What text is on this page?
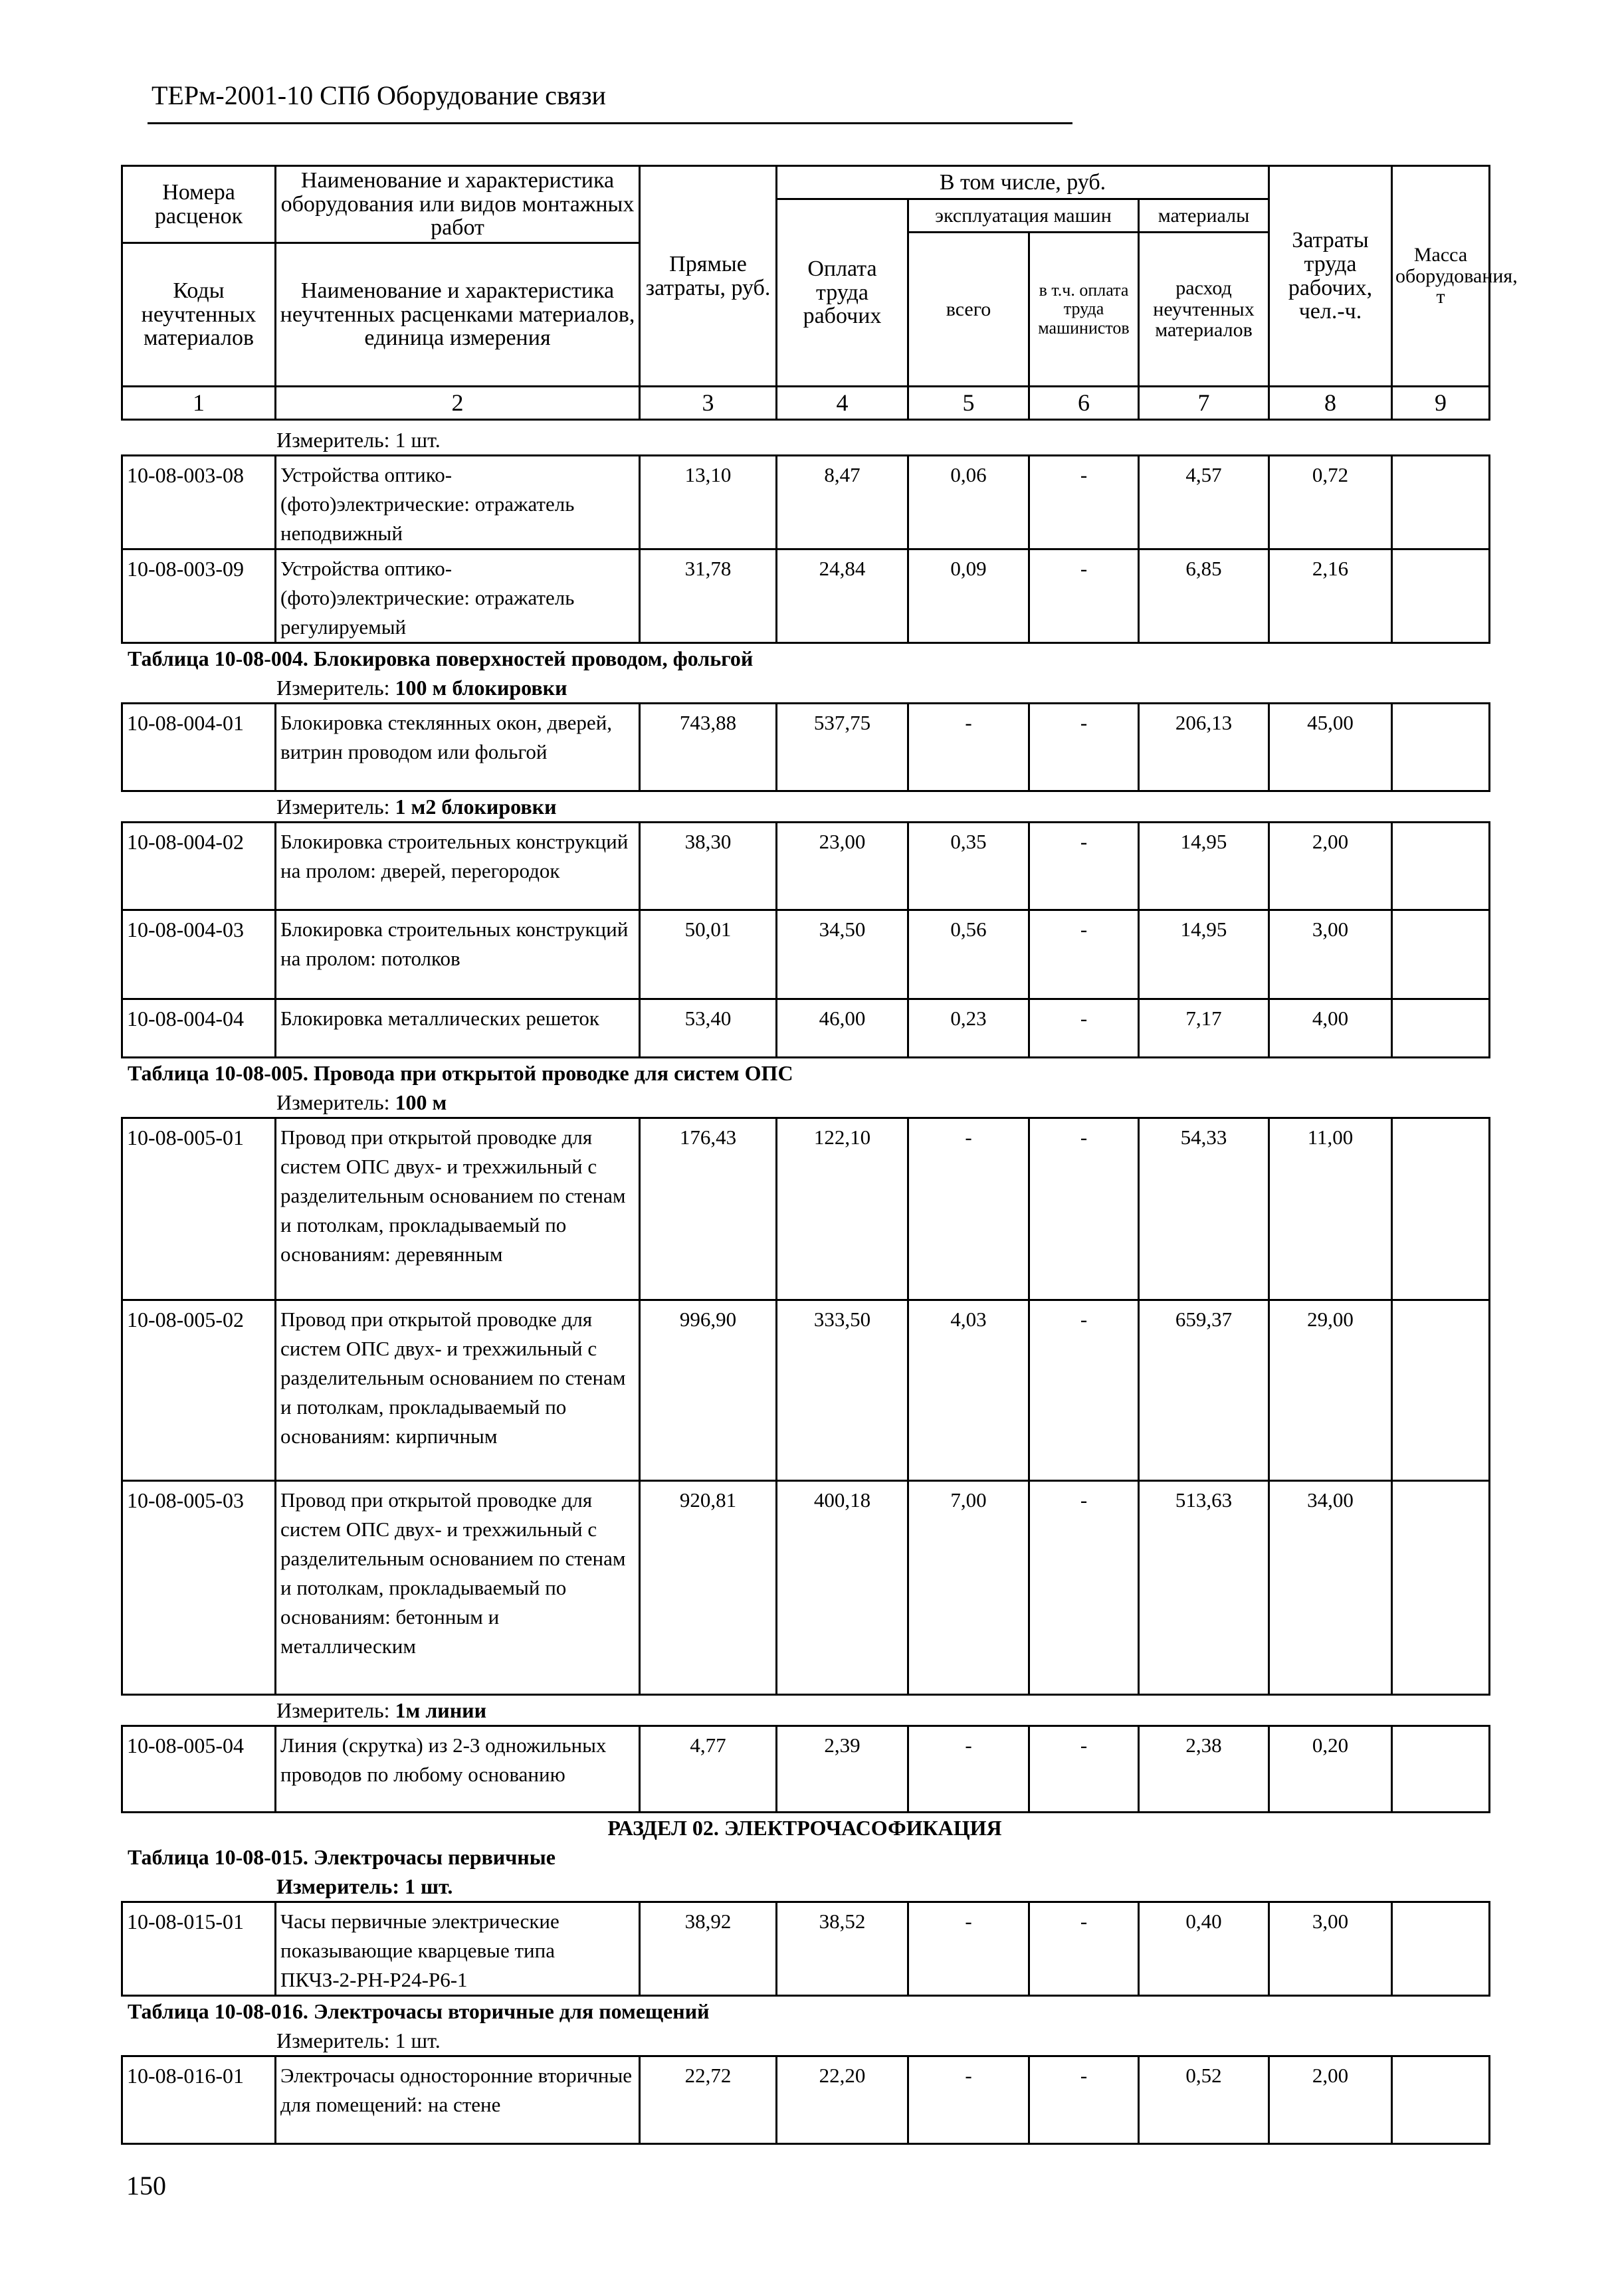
ТЕРм-2001-10 СПб Оборудование связи
Номера расценок	Наименование и характеристика оборудования или видов монтажных работ	Прямые затраты, руб.	В том числе, руб.				Затраты труда рабочих, чел.-ч.	Масса оборудования, т
			Оплата труда рабочих	эксплуатация машин		материалы		
				всего	в т.ч. оплата труда машинистов	расход неучтенных материалов		
Коды неучтенных материалов	Наименование и характеристика неучтенных расценками материалов, единица измерения							

1	2	3	4	5	6	7	8	9
Измеритель: 1 шт.
10-08-003-08	Устройства оптико-(фото)электрические: отражатель неподвижный	13,10	8,47	0,06	-	4,57	0,72	
10-08-003-09	Устройства оптико-(фото)электрические: отражатель регулируемый	31,78	24,84	0,09	-	6,85	2,16	
Таблица 10-08-004. Блокировка поверхностей проводом, фольгой
Измеритель: 100 м блокировки
10-08-004-01	Блокировка стеклянных окон, дверей, витрин проводом или фольгой	743,88	537,75	-	-	206,13	45,00	
Измеритель: 1 м2 блокировки
10-08-004-02	Блокировка строительных конструкций на пролом: дверей, перегородок	38,30	23,00	0,35	-	14,95	2,00	
10-08-004-03	Блокировка строительных конструкций на пролом: потолков	50,01	34,50	0,56	-	14,95	3,00	
10-08-004-04	Блокировка металлических решеток	53,40	46,00	0,23	-	7,17	4,00	
Таблица 10-08-005. Провода при открытой проводке для систем ОПС
Измеритель: 100 м
10-08-005-01	Провод при открытой проводке для систем ОПС двух- и трехжильный с разделительным основанием по стенам и потолкам, прокладываемый по основаниям: деревянным	176,43	122,10	-	-	54,33	11,00	
10-08-005-02	Провод при открытой проводке для систем ОПС двух- и трехжильный с разделительным основанием по стенам и потолкам, прокладываемый по основаниям: кирпичным	996,90	333,50	4,03	-	659,37	29,00	
10-08-005-03	Провод при открытой проводке для систем ОПС двух- и трехжильный с разделительным основанием по стенам и потолкам, прокладываемый по основаниям: бетонным и металлическим	920,81	400,18	7,00	-	513,63	34,00	
Измеритель: 1м линии
10-08-005-04	Линия (скрутка) из 2-3 одножильных проводов по любому основанию	4,77	2,39	-	-	2,38	0,20	
РАЗДЕЛ 02. ЭЛЕКТРОЧАСОФИКАЦИЯ
Таблица 10-08-015. Электрочасы первичные
Измеритель: 1 шт.
10-08-015-01	Часы первичные электрические показывающие кварцевые типа ПКЧЗ-2-РН-Р24-Р6-1	38,92	38,52	-	-	0,40	3,00	
Таблица 10-08-016. Электрочасы вторичные для помещений
Измеритель: 1 шт.
10-08-016-01	Электрочасы односторонние вторичные для помещений: на стене	22,72	22,20	-	-	0,52	2,00	
150
